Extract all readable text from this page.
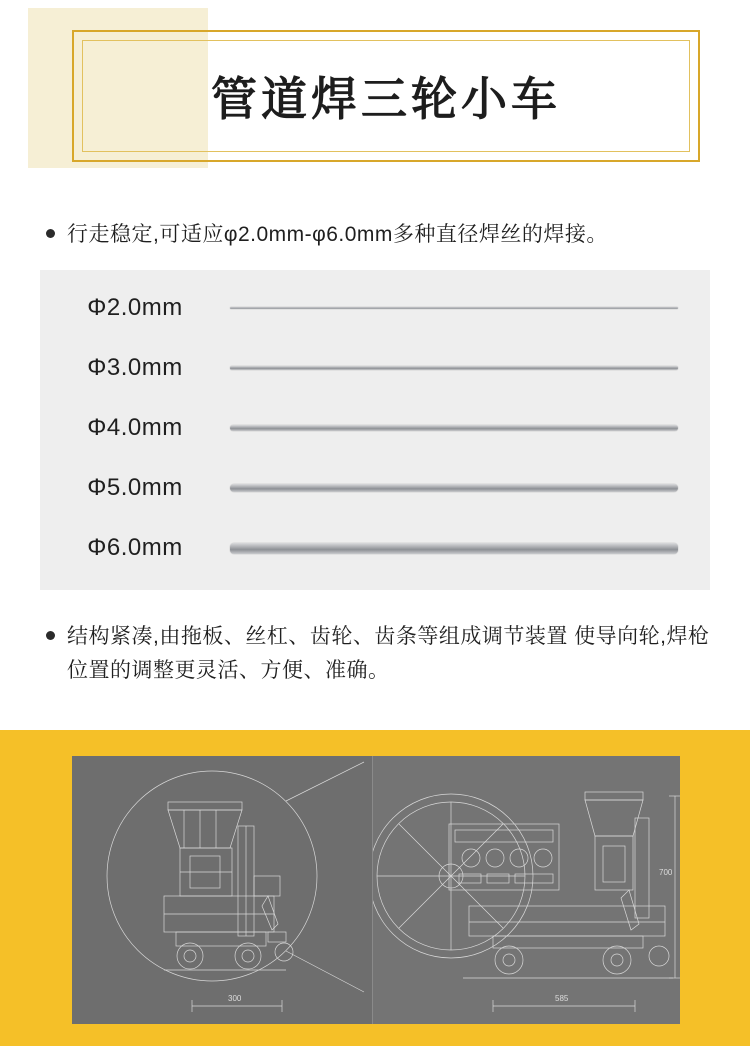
管道焊三轮小车
行走稳定,可适应φ2.0mm-φ6.0mm多种直径焊丝的焊接。
Φ2.0mm
Φ3.0mm
Φ4.0mm
Φ5.0mm
Φ6.0mm
结构紧凑,由拖板、丝杠、齿轮、齿条等组成调节装置 使导向轮,焊枪位置的调整更灵活、方便、准确。
300
700
585
